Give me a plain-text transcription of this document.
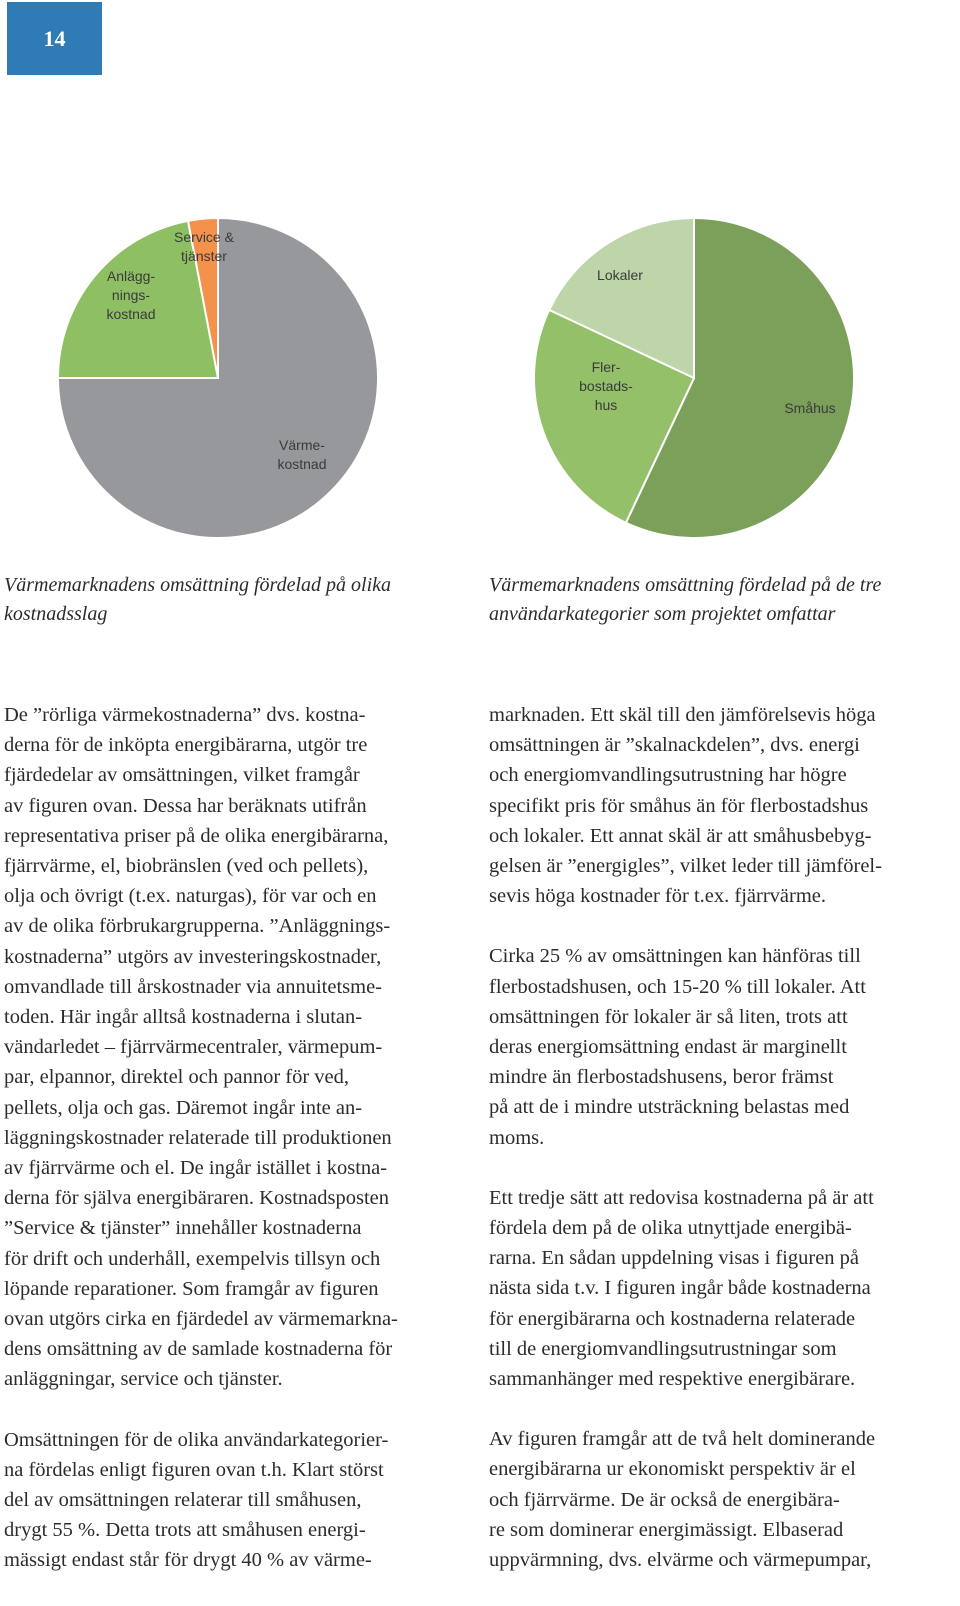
14
Värme-kostnad
Anlägg-nings-kostnad
Service & tjänster
Småhus
Fler-bostads-hus
Lokaler
Värmemarknadens omsättning fördelad på olika
kostnadsslag
Värmemarknadens omsättning fördelad på de tre
användarkategorier som projektet omfattar

De ”rörliga värmekostnaderna” dvs. kostna-
derna för de inköpta energibärarna, utgör tre
fjärdedelar av omsättningen, vilket framgår
av figuren ovan. Dessa har beräknats utifrån
representativa priser på de olika energibärarna,
fjärrvärme, el, biobränslen (ved och pellets),
olja och övrigt (t.ex. naturgas), för var och en
av de olika förbrukargrupperna. ”Anläggnings-
kostnaderna” utgörs av investeringskostnader,
omvandlade till årskostnader via annuitetsme-
toden. Här ingår alltså kostnaderna i slutan-
vändarledet – fjärrvärmecentraler, värmepum-
par, elpannor, direktel och pannor för ved,
pellets, olja och gas. Däremot ingår inte an-
läggningskostnader relaterade till produktionen
av fjärrvärme och el. De ingår istället i kostna-
derna för själva energibäraren. Kostnadsposten
”Service & tjänster” innehåller kostnaderna
för drift och underhåll, exempelvis tillsyn och
löpande reparationer. Som framgår av figuren
ovan utgörs cirka en fjärdedel av värmemarkna-
dens omsättning av de samlade kostnaderna för
anläggningar, service och tjänster.

Omsättningen för de olika användarkategorier-
na fördelas enligt figuren ovan t.h. Klart störst
del av omsättningen relaterar till småhusen,
drygt 55 %. Detta trots att småhusen energi-
mässigt endast står för drygt 40 % av värme-

marknaden. Ett skäl till den jämförelsevis höga
omsättningen är ”skalnackdelen”, dvs. energi
och energiomvandlingsutrustning har högre
specifikt pris för småhus än för flerbostadshus
och lokaler. Ett annat skäl är att småhusbebyg-
gelsen är ”energigles”, vilket leder till jämförel-
sevis höga kostnader för t.ex. fjärrvärme.

Cirka 25 % av omsättningen kan hänföras till
flerbostadshusen, och 15-20 % till lokaler. Att
omsättningen för lokaler är så liten, trots att
deras energiomsättning endast är marginellt
mindre än flerbostadshusens, beror främst
på att de i mindre utsträckning belastas med
moms.

Ett tredje sätt att redovisa kostnaderna på är att
fördela dem på de olika utnyttjade energibä-
rarna. En sådan uppdelning visas i figuren på
nästa sida t.v. I figuren ingår både kostnaderna
för energibärarna och kostnaderna relaterade
till de energiomvandlingsutrustningar som
sammanhänger med respektive energibärare.

Av figuren framgår att de två helt dominerande
energibärarna ur ekonomiskt perspektiv är el
och fjärrvärme. De är också de energibära-
re som dominerar energimässigt. Elbaserad
uppvärmning, dvs. elvärme och värmepumpar,
